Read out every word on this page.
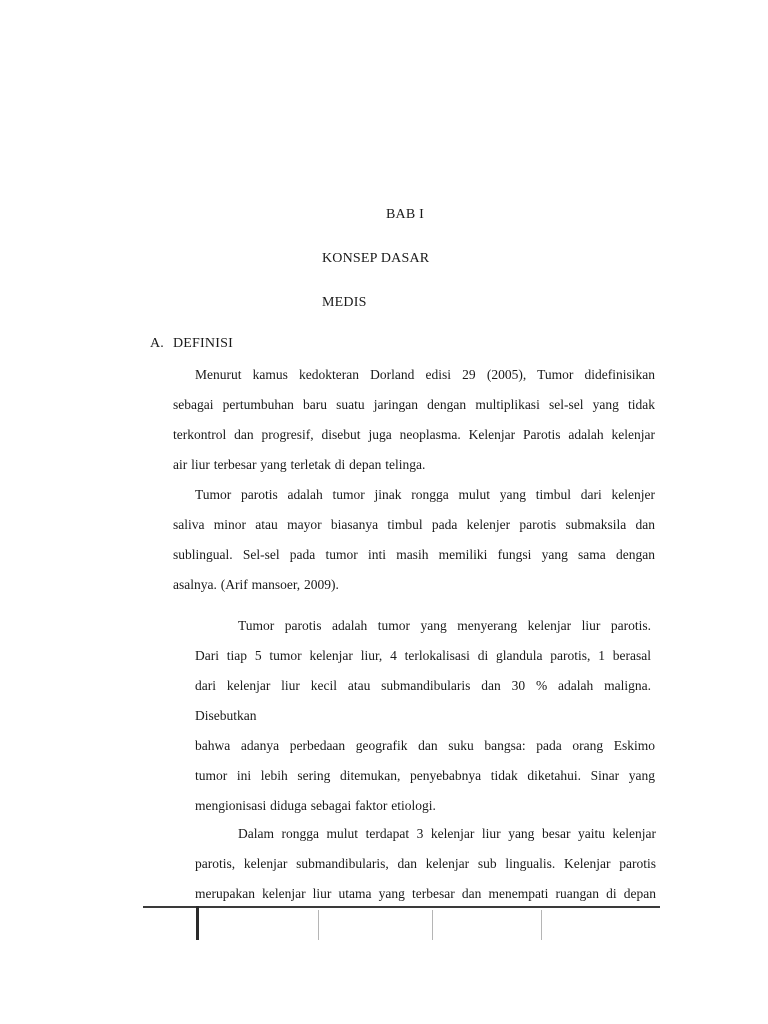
BAB I
KONSEP DASAR
MEDIS
A. DEFINISI
Menurut kamus kedokteran Dorland edisi 29 (2005), Tumor didefinisikan
sebagai pertumbuhan baru suatu jaringan dengan multiplikasi sel-sel yang tidak
terkontrol dan progresif, disebut juga neoplasma. Kelenjar Parotis adalah kelenjar
air liur terbesar yang terletak di depan telinga.
Tumor parotis adalah tumor jinak rongga mulut yang timbul dari kelenjer
saliva minor atau mayor biasanya timbul pada kelenjer parotis submaksila dan
sublingual. Sel-sel pada tumor inti masih memiliki fungsi yang sama dengan
asalnya. (Arif mansoer, 2009).
Tumor parotis adalah tumor yang menyerang kelenjar liur parotis.
Dari tiap 5 tumor kelenjar liur, 4 terlokalisasi di glandula parotis, 1 berasal
dari kelenjar liur kecil atau submandibularis dan 30 % adalah maligna.
Disebutkan
bahwa adanya perbedaan geografik dan suku bangsa: pada orang Eskimo
tumor ini lebih sering ditemukan, penyebabnya tidak diketahui. Sinar yang
mengionisasi diduga sebagai faktor etiologi.
Dalam rongga mulut terdapat 3 kelenjar liur yang besar yaitu kelenjar
parotis, kelenjar submandibularis, dan kelenjar sub lingualis. Kelenjar parotis
merupakan kelenjar liur utama yang terbesar dan menempati ruangan di depan
